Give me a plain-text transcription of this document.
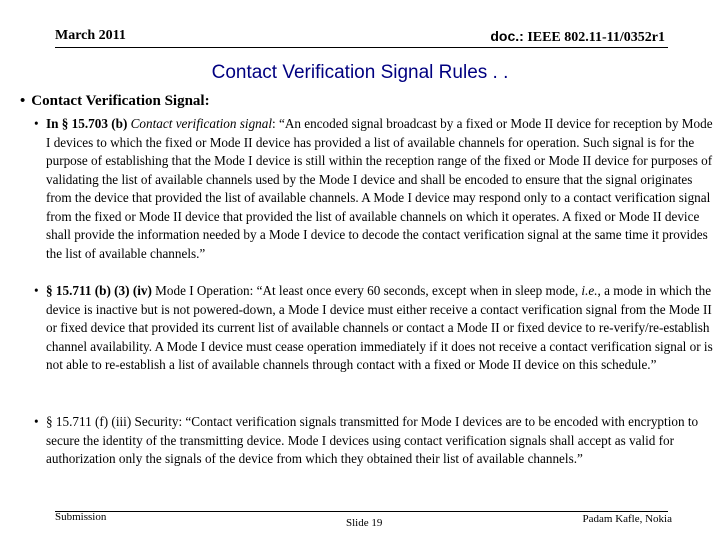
March 2011	doc.: IEEE 802.11-11/0352r1
Contact Verification Signal Rules . .
• Contact Verification Signal:
• In § 15.703 (b) Contact verification signal: “An encoded signal broadcast by a fixed or Mode II device for reception by Mode I devices to which the fixed or Mode II device has provided a list of available channels for operation. Such signal is for the purpose of establishing that the Mode I device is still within the reception range of the fixed or Mode II device for purposes of validating the list of available channels used by the Mode I device and shall be encoded to ensure that the signal originates from the device that provided the list of available channels. A Mode I device may respond only to a contact verification signal from the fixed or Mode II device that provided the list of available channels on which it operates. A fixed or Mode II device shall provide the information needed by a Mode I device to decode the contact verification signal at the same time it provides the list of available channels.”
• § 15.711 (b) (3) (iv) Mode I Operation: “At least once every 60 seconds, except when in sleep mode, i.e., a mode in which the device is inactive but is not powered-down, a Mode I device must either receive a contact verification signal from the Mode II or fixed device that provided its current list of available channels or contact a Mode II or fixed device to re-verify/re-establish channel availability. A Mode I device must cease operation immediately if it does not receive a contact verification signal or is not able to re-establish a list of available channels through contact with a fixed or Mode II device on this schedule.”
• § 15.711 (f) (iii) Security: “Contact verification signals transmitted for Mode I devices are to be encoded with encryption to secure the identity of the transmitting device. Mode I devices using contact verification signals shall accept as valid for authorization only the signals of the device from which they obtained their list of available channels.”
Submission	Slide 19	Padam Kafle, Nokia
